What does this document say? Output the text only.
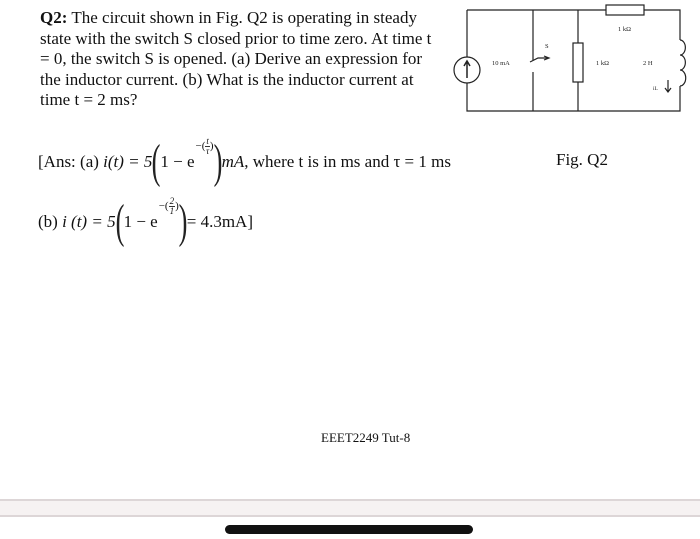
Q2: The circuit shown in Fig. Q2 is operating in steady state with the switch S closed prior to time zero. At time t = 0, the switch S is opened. (a) Derive an expression for the inductor current. (b) What is the inductor current at time t = 2 ms?
10 mA
S
1 kΩ
1 kΩ
2 H
iL
[Ans: (a)
i(t) = 5 ( 1 − e
−( $\frac{t}{\tau}$ ) ) mA , where t is in ms and τ = 1 ms
(b)
i (t) = 5 ( 1 − e
−( $\frac{2}{1}$ ) ) = 4.3mA]
Fig. Q2
EEET2249 Tut-8
